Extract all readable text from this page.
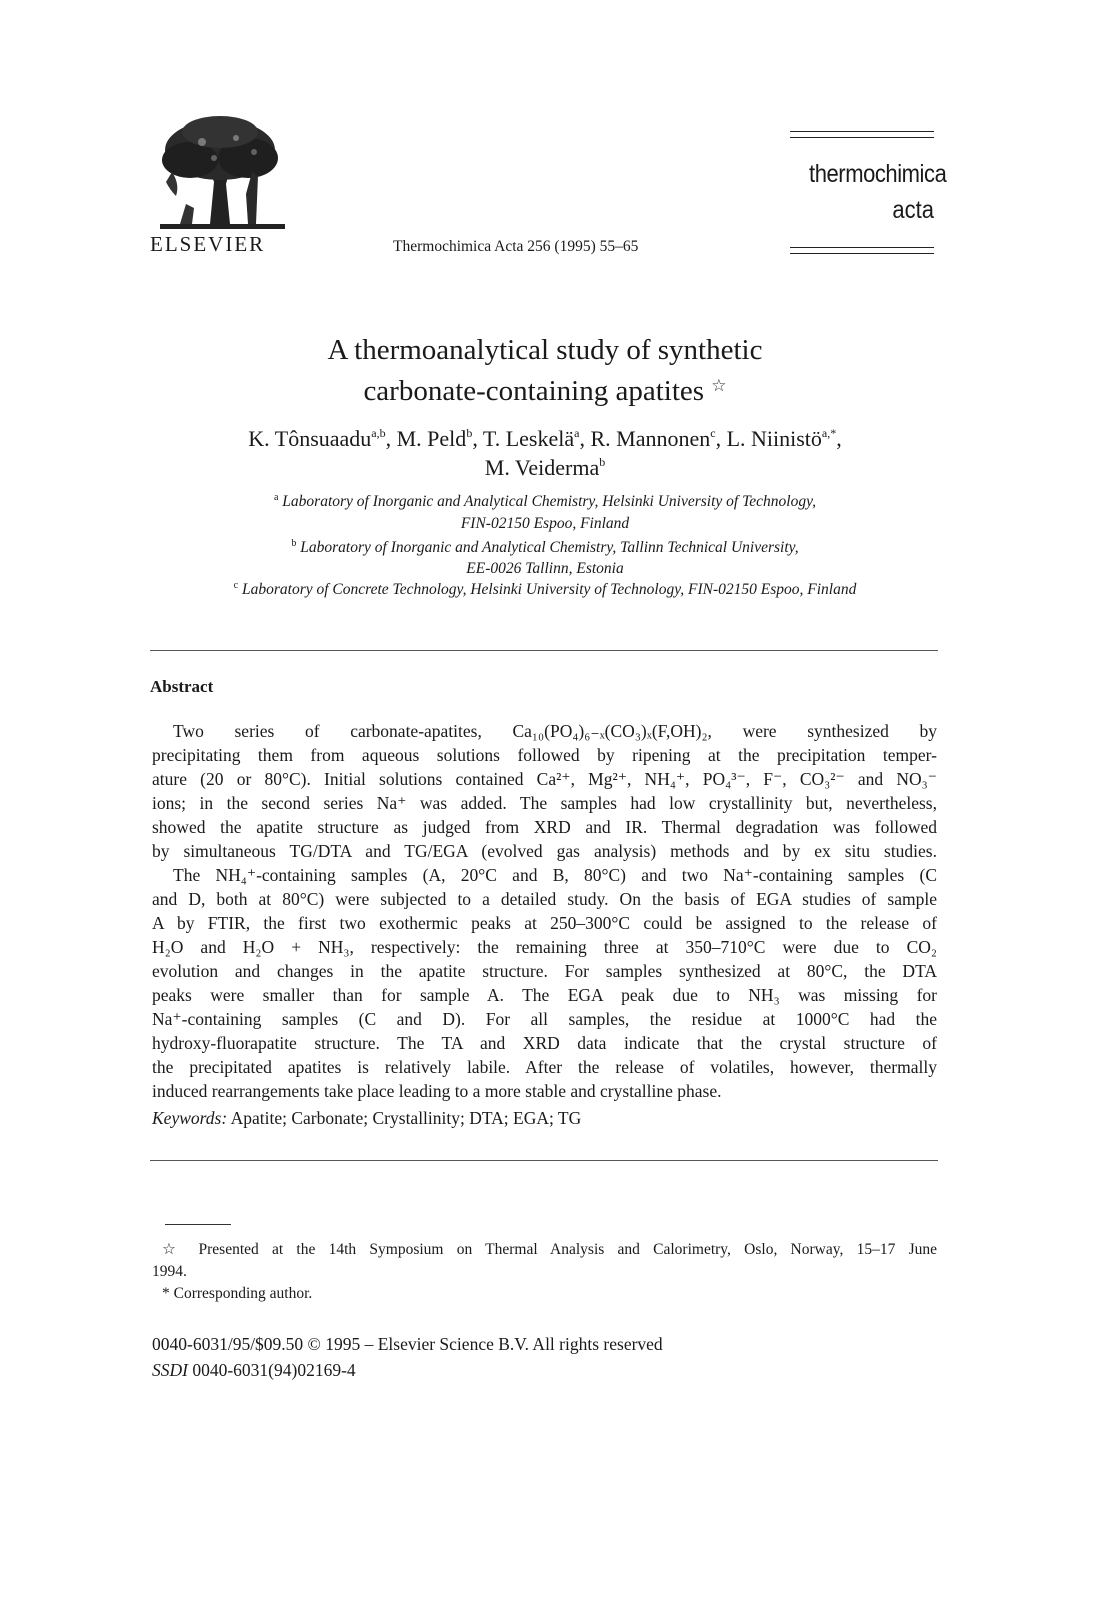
ELSEVIER	Thermochimica Acta 256 (1995) 55–65
thermochimica
acta
A thermoanalytical study of synthetic
carbonate-containing apatites ☆
K. Tônsuaadu$^{a,b}$, M. Peld$^b$, T. Leskelä$^a$, R. Mannonen$^c$, L. Niinistö$^{a,*}$,
M. Veiderma$^b$
$^a$ Laboratory of Inorganic and Analytical Chemistry, Helsinki University of Technology,
FIN-02150 Espoo, Finland
$^b$ Laboratory of Inorganic and Analytical Chemistry, Tallinn Technical University,
EE-0026 Tallinn, Estonia
$^c$ Laboratory of Concrete Technology, Helsinki University of Technology, FIN-02150 Espoo, Finland
Abstract
Two series of carbonate-apatites, Ca₁₀(PO₄)₆₋ₓ(CO₃)ₓ(F,OH)₂, were synthesized by
precipitating them from aqueous solutions followed by ripening at the precipitation temper-
ature (20 or 80°C). Initial solutions contained Ca²⁺, Mg²⁺, NH₄⁺, PO₄³⁻, F⁻, CO₃²⁻ and NO₃⁻
ions; in the second series Na⁺ was added. The samples had low crystallinity but, nevertheless,
showed the apatite structure as judged from XRD and IR. Thermal degradation was followed
by simultaneous TG/DTA and TG/EGA (evolved gas analysis) methods and by ex situ studies.
The NH₄⁺-containing samples (A, 20°C and B, 80°C) and two Na⁺-containing samples (C
and D, both at 80°C) were subjected to a detailed study. On the basis of EGA studies of sample
A by FTIR, the first two exothermic peaks at 250–300°C could be assigned to the release of
H₂O and H₂O + NH₃, respectively: the remaining three at 350–710°C were due to CO₂
evolution and changes in the apatite structure. For samples synthesized at 80°C, the DTA
peaks were smaller than for sample A. The EGA peak due to NH₃ was missing for
Na⁺-containing samples (C and D). For all samples, the residue at 1000°C had the
hydroxy-fluorapatite structure. The TA and XRD data indicate that the crystal structure of
the precipitated apatites is relatively labile. After the release of volatiles, however, thermally
induced rearrangements take place leading to a more stable and crystalline phase.
Keywords: Apatite; Carbonate; Crystallinity; DTA; EGA; TG
☆ Presented at the 14th Symposium on Thermal Analysis and Calorimetry, Oslo, Norway, 15–17 June
1994.
* Corresponding author.
0040-6031/95/$09.50 © 1995 – Elsevier Science B.V. All rights reserved
SSDI 0040-6031(94)02169-4
